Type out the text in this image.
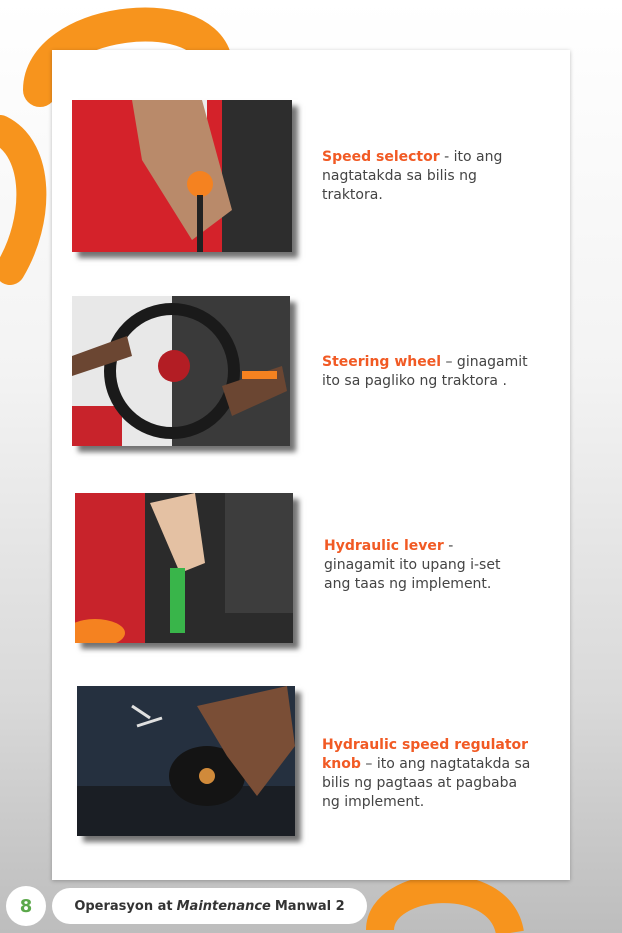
Speed selector - ito ang nagtatakda sa bilis ng traktora.
Steering wheel – ginagamit ito sa pagliko ng traktora .
Hydraulic lever - ginagamit ito upang i-set ang taas ng implement.
Hydraulic speed regulator knob – ito ang nagtatakda sa bilis ng pagtaas at pagbaba ng implement.
8	Operasyon at Maintenance Manwal 2
